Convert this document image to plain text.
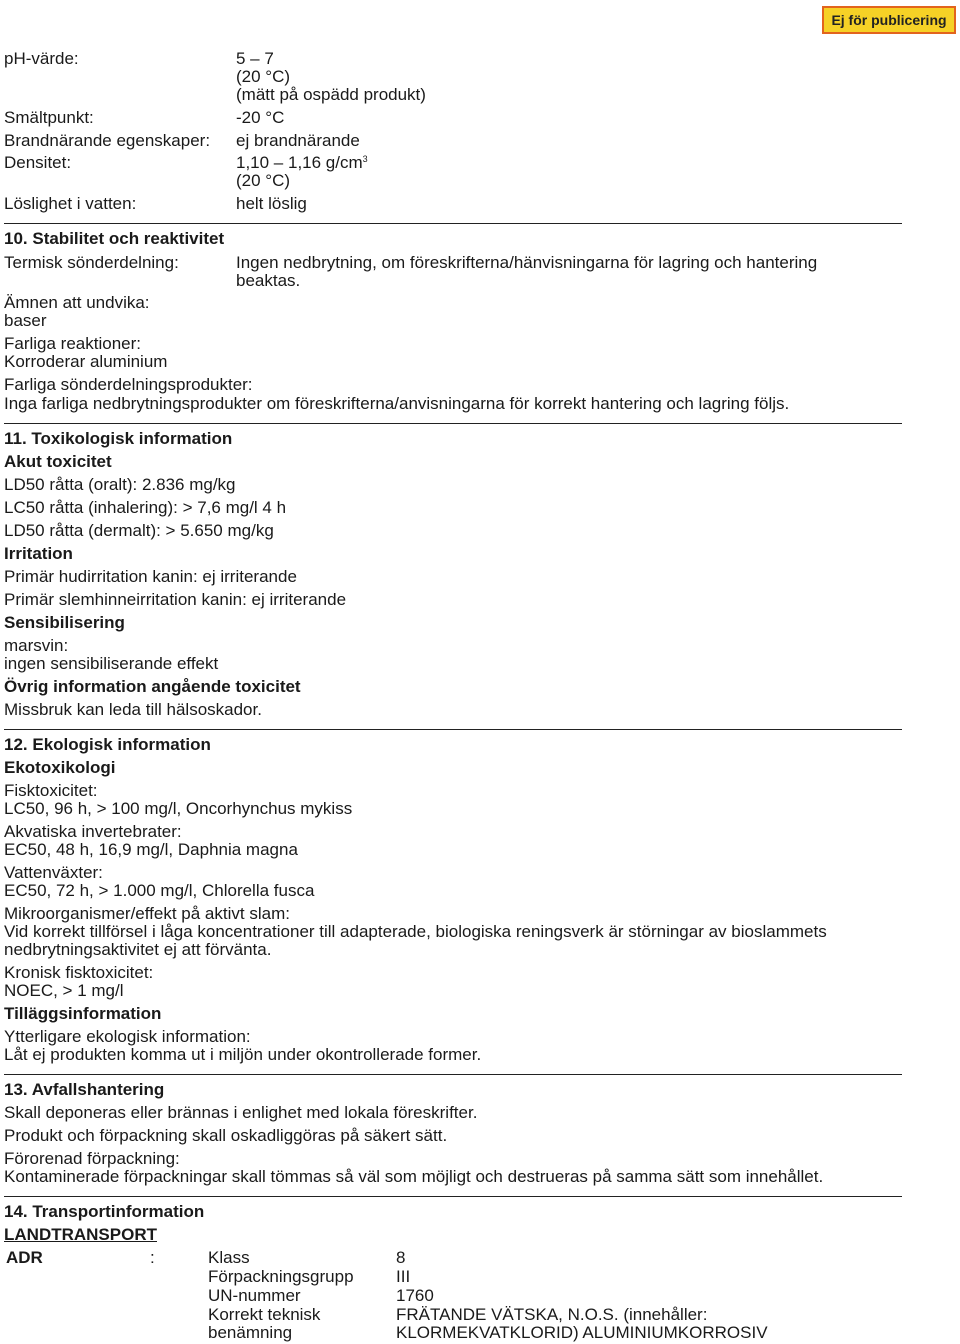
Ej för publicering
pH-värde:	5 – 7
(20 °C)
(mätt på ospädd produkt)
Smältpunkt:	-20 °C
Brandnärande egenskaper: ej brandnärande
Densitet:	1,10 – 1,16 $g/cm^3$
(20 °C)
Löslighet i vatten:	helt löslig
10. Stabilitet och reaktivitet
Termisk sönderdelning:	Ingen nedbrytning, om föreskrifterna/hänvisningarna för lagring och hantering
beaktas.
Ämnen att undvika:
baser
Farliga reaktioner:
Korroderar aluminium
Farliga sönderdelningsprodukter:
Inga farliga nedbrytningsprodukter om föreskrifterna/anvisningarna för korrekt hantering och lagring följs.
11. Toxikologisk information
Akut toxicitet
LD50 råtta (oralt): 2.836 mg/kg
LC50 råtta (inhalering): > 7,6 mg/l 4 h
LD50 råtta (dermalt): > 5.650 mg/kg
Irritation
Primär hudirritation kanin: ej irriterande
Primär slemhinneirritation kanin: ej irriterande
Sensibilisering
marsvin:
ingen sensibiliserande effekt
Övrig information angående toxicitet
Missbruk kan leda till hälsoskador.
12. Ekologisk information
Ekotoxikologi
Fisktoxicitet:
LC50, 96 h, > 100 mg/l, Oncorhynchus mykiss
Akvatiska invertebrater:
EC50, 48 h, 16,9 mg/l, Daphnia magna
Vattenväxter:
EC50, 72 h, > 1.000 mg/l, Chlorella fusca
Mikroorganismer/effekt på aktivt slam:
Vid korrekt tillförsel i låga koncentrationer till adapterade, biologiska reningsverk är störningar av bioslammets
nedbrytningsaktivitet ej att förvänta.
Kronisk fisktoxicitet:
NOEC, > 1 mg/l
Tilläggsinformation
Ytterligare ekologisk information:
Låt ej produkten komma ut i miljön under okontrollerade former.
13. Avfallshantering
Skall deponeras eller brännas i enlighet med lokala föreskrifter.
Produkt och förpackning skall oskadliggöras på säkert sätt.
Förorenad förpackning:
Kontaminerade förpackningar skall tömmas så väl som möjligt och destrueras på samma sätt som innehållet.
14. Transportinformation
LANDTRANSPORT
ADR	:	Klass	8
Förpackningsgrupp III
UN-nummer	1760
Korrekt teknisk	FRÄTANDE VÄTSKA, N.O.S. (innehåller:
benämning	KLORMEKVATKLORID) ALUMINIUMKORROSIV
